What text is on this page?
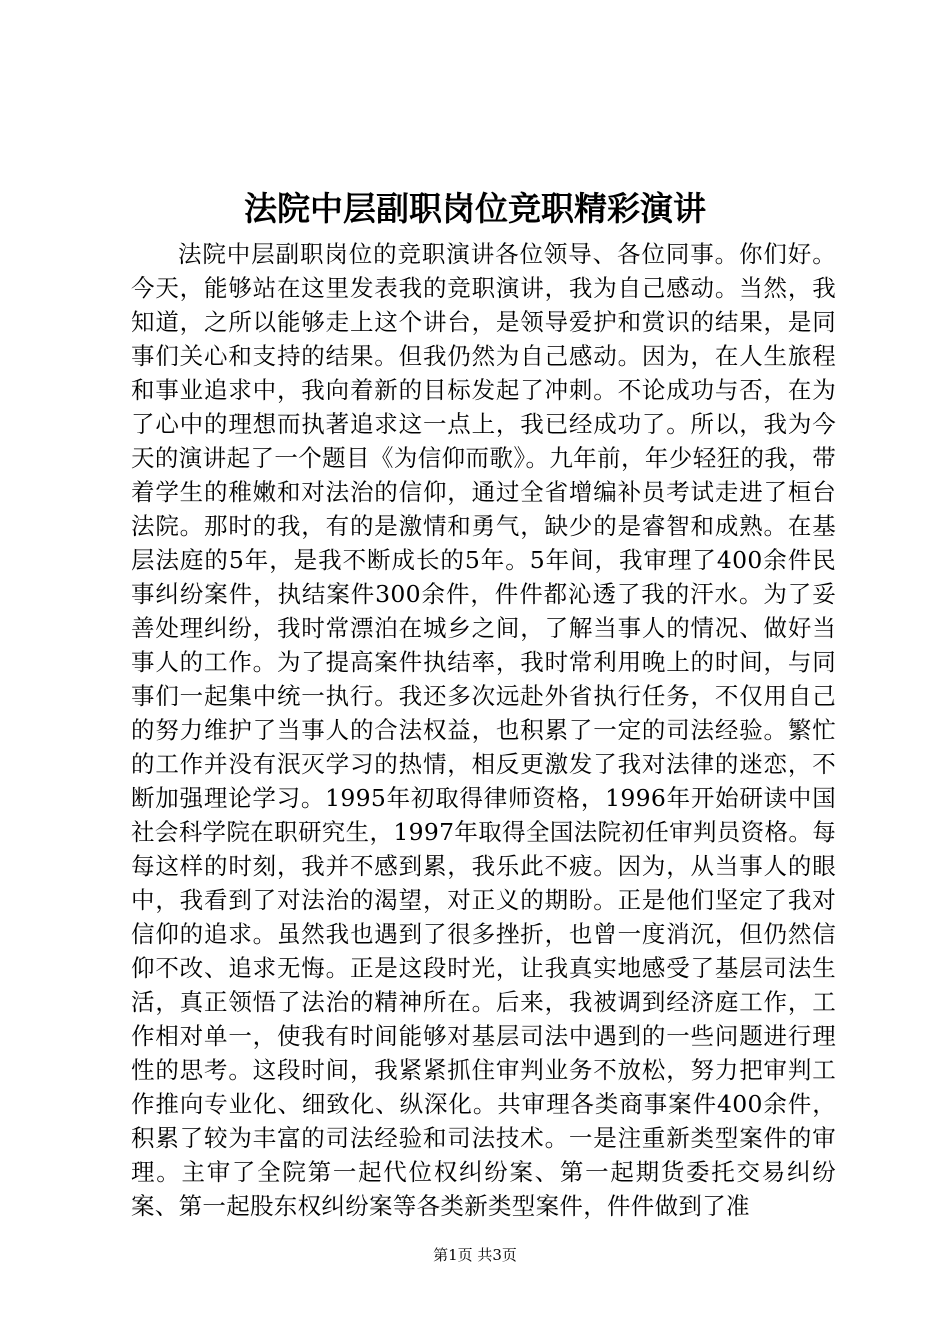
法院中层副职岗位竞职精彩演讲

法院中层副职岗位的竞职演讲各位领导、各位同事。你们好。今天，能够站在这里发表我的竞职演讲，我为自己感动。当然，我知道，之所以能够走上这个讲台，是领导爱护和赏识的结果，是同事们关心和支持的结果。但我仍然为自己感动。因为，在人生旅程和事业追求中，我向着新的目标发起了冲刺。不论成功与否，在为了心中的理想而执著追求这一点上，我已经成功了。所以，我为今天的演讲起了一个题目《为信仰而歌》。九年前，年少轻狂的我，带着学生的稚嫩和对法治的信仰，通过全省增编补员考试走进了桓台法院。那时的我，有的是激情和勇气，缺少的是睿智和成熟。在基层法庭的5年，是我不断成长的5年。5年间，我审理了400余件民事纠纷案件，执结案件300余件，件件都沁透了我的汗水。为了妥善处理纠纷，我时常漂泊在城乡之间，了解当事人的情况、做好当事人的工作。为了提高案件执结率，我时常利用晚上的时间，与同事们一起集中统一执行。我还多次远赴外省执行任务，不仅用自己的努力维护了当事人的合法权益，也积累了一定的司法经验。繁忙的工作并没有泯灭学习的热情，相反更激发了我对法律的迷恋，不断加强理论学习。1995年初取得律师资格，1996年开始研读中国社会科学院在职研究生，1997年取得全国法院初任审判员资格。每每这样的时刻，我并不感到累，我乐此不疲。因为，从当事人的眼中，我看到了对法治的渴望，对正义的期盼。正是他们坚定了我对信仰的追求。虽然我也遇到了很多挫折，也曾一度消沉，但仍然信仰不改、追求无悔。正是这段时光，让我真实地感受了基层司法生活，真正领悟了法治的精神所在。后来，我被调到经济庭工作，工作相对单一，使我有时间能够对基层司法中遇到的一些问题进行理性的思考。这段时间，我紧紧抓住审判业务不放松，努力把审判工作推向专业化、细致化、纵深化。共审理各类商事案件400余件，积累了较为丰富的司法经验和司法技术。一是注重新类型案件的审理。主审了全院第一起代位权纠纷案、第一起期货委托交易纠纷案、第一起股东权纠纷案等各类新类型案件，件件做到了准

第1页 共3页
